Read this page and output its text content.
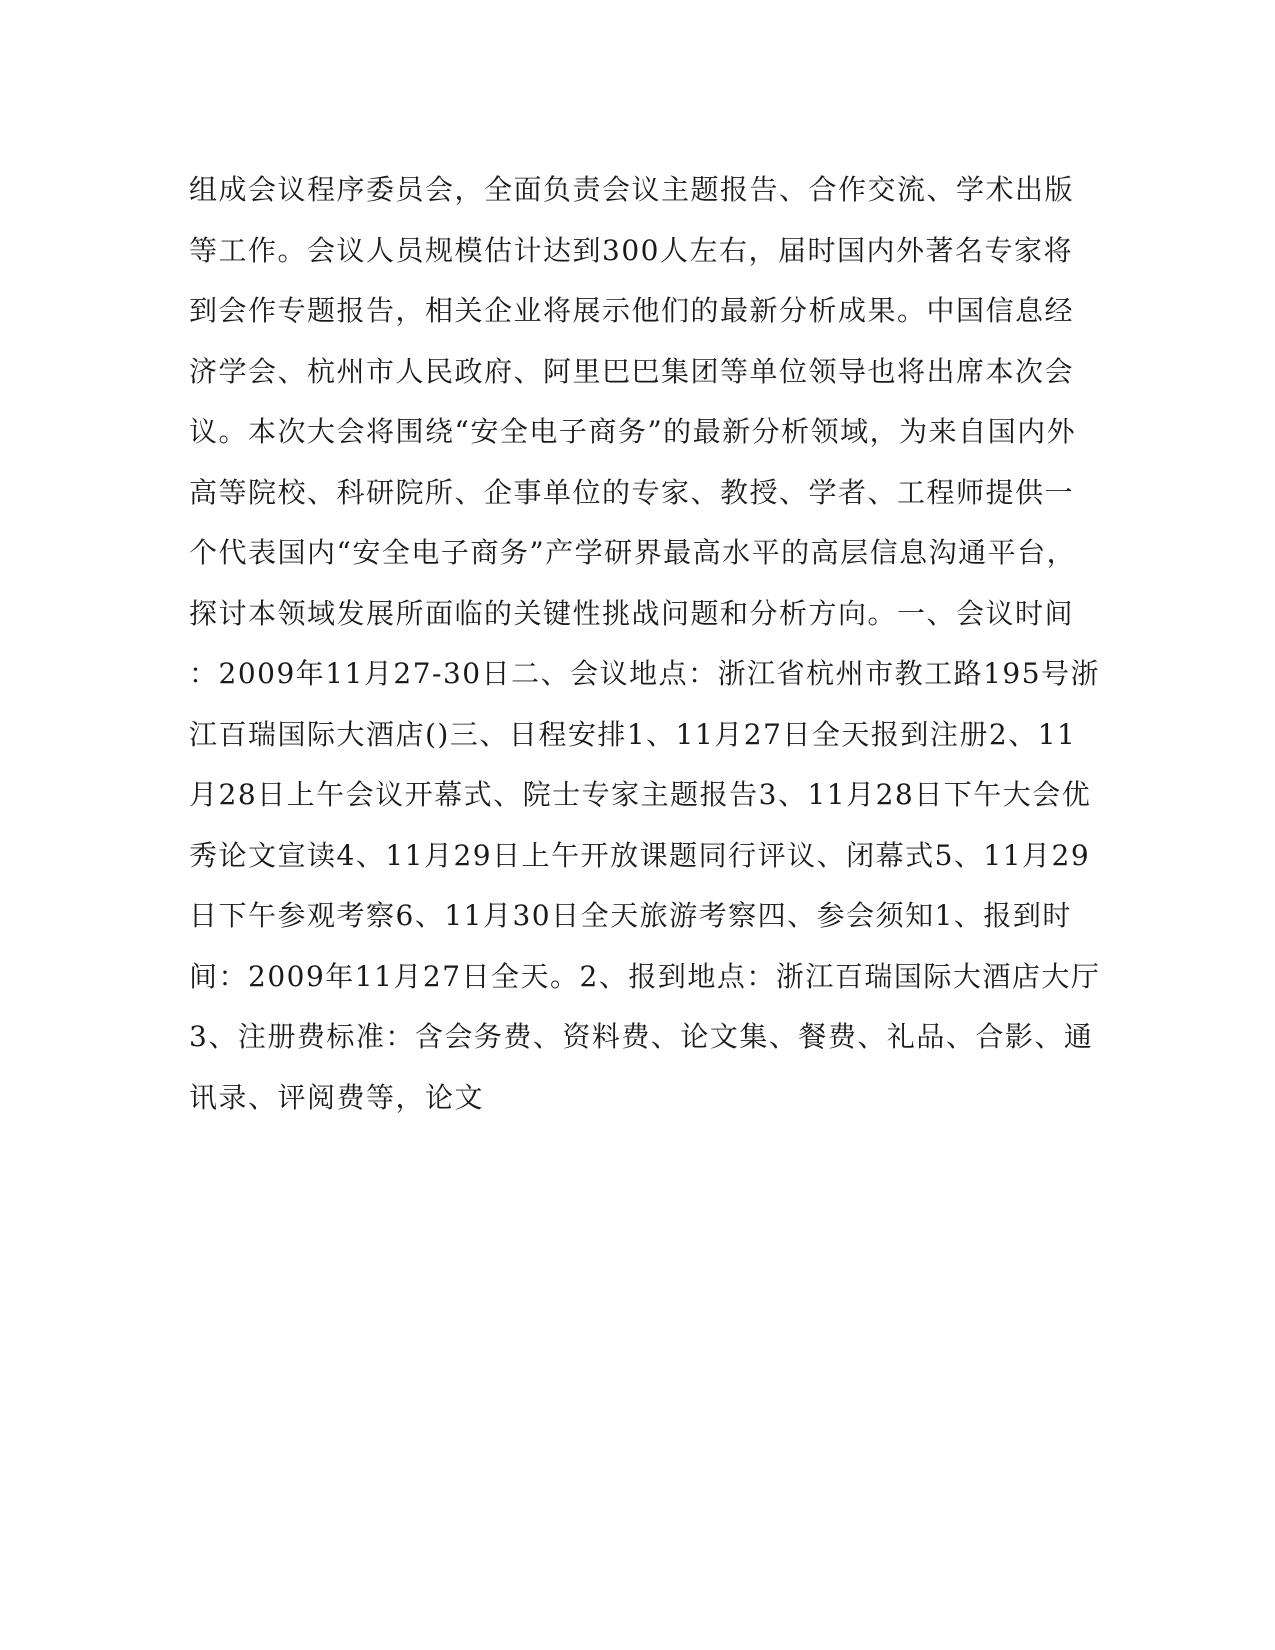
组成会议程序委员会，全面负责会议主题报告、合作交流、学术出版
等工作。会议人员规模估计达到300人左右，届时国内外著名专家将
到会作专题报告，相关企业将展示他们的最新分析成果。中国信息经
济学会、杭州市人民政府、阿里巴巴集团等单位领导也将出席本次会
议。本次大会将围绕“安全电子商务”的最新分析领域，为来自国内外
高等院校、科研院所、企事单位的专家、教授、学者、工程师提供一
个代表国内“安全电子商务”产学研界最高水平的高层信息沟通平台，
探讨本领域发展所面临的关键性挑战问题和分析方向。一、会议时间
：2009年11月27-30日二、会议地点：浙江省杭州市教工路195号浙
江百瑞国际大酒店()三、日程安排1、11月27日全天报到注册2、11
月28日上午会议开幕式、院士专家主题报告3、11月28日下午大会优
秀论文宣读4、11月29日上午开放课题同行评议、闭幕式5、11月29
日下午参观考察6、11月30日全天旅游考察四、参会须知1、报到时
间：2009年11月27日全天。2、报到地点：浙江百瑞国际大酒店大厅
3、注册费标准：含会务费、资料费、论文集、餐费、礼品、合影、通
讯录、评阅费等，论文
